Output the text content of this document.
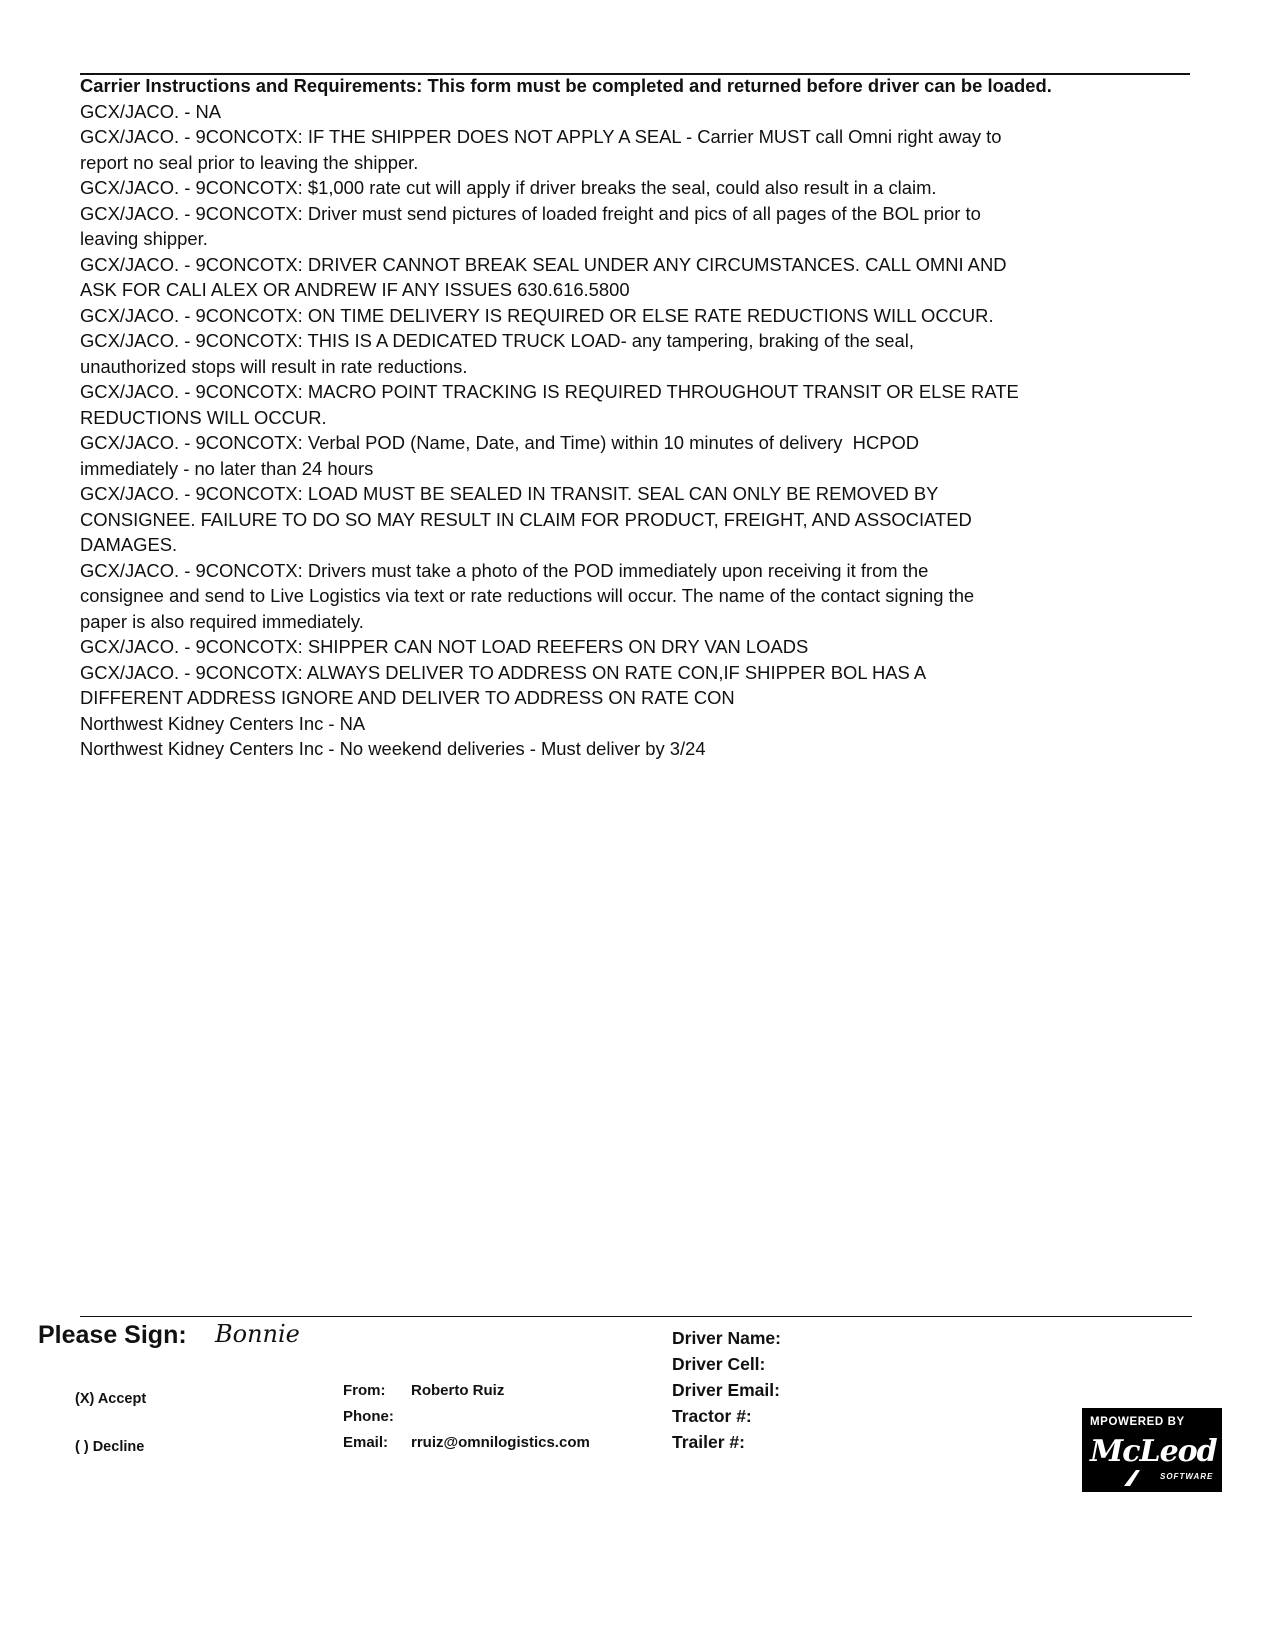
Carrier Instructions and Requirements: This form must be completed and returned before driver can be loaded.
GCX/JACO. - NA
GCX/JACO. - 9CONCOTX: IF THE SHIPPER DOES NOT APPLY A SEAL - Carrier MUST call Omni right away to
report no seal prior to leaving the shipper.
GCX/JACO. - 9CONCOTX: $1,000 rate cut will apply if driver breaks the seal, could also result in a claim.
GCX/JACO. - 9CONCOTX: Driver must send pictures of loaded freight and pics of all pages of the BOL prior to
leaving shipper.
GCX/JACO. - 9CONCOTX: DRIVER CANNOT BREAK SEAL UNDER ANY CIRCUMSTANCES. CALL OMNI AND
ASK FOR CALI ALEX OR ANDREW IF ANY ISSUES 630.616.5800
GCX/JACO. - 9CONCOTX: ON TIME DELIVERY IS REQUIRED OR ELSE RATE REDUCTIONS WILL OCCUR.
GCX/JACO. - 9CONCOTX: THIS IS A DEDICATED TRUCK LOAD- any tampering, braking of the seal,
unauthorized stops will result in rate reductions.
GCX/JACO. - 9CONCOTX: MACRO POINT TRACKING IS REQUIRED THROUGHOUT TRANSIT OR ELSE RATE
REDUCTIONS WILL OCCUR.
GCX/JACO. - 9CONCOTX: Verbal POD (Name, Date, and Time) within 10 minutes of delivery  HCPOD
immediately - no later than 24 hours
GCX/JACO. - 9CONCOTX: LOAD MUST BE SEALED IN TRANSIT. SEAL CAN ONLY BE REMOVED BY
CONSIGNEE. FAILURE TO DO SO MAY RESULT IN CLAIM FOR PRODUCT, FREIGHT, AND ASSOCIATED
DAMAGES.
GCX/JACO. - 9CONCOTX: Drivers must take a photo of the POD immediately upon receiving it from the
consignee and send to Live Logistics via text or rate reductions will occur. The name of the contact signing the
paper is also required immediately.
GCX/JACO. - 9CONCOTX: SHIPPER CAN NOT LOAD REEFERS ON DRY VAN LOADS
GCX/JACO. - 9CONCOTX: ALWAYS DELIVER TO ADDRESS ON RATE CON,IF SHIPPER BOL HAS A
DIFFERENT ADDRESS IGNORE AND DELIVER TO ADDRESS ON RATE CON
Northwest Kidney Centers Inc - NA
Northwest Kidney Centers Inc - No weekend deliveries - Must deliver by 3/24
Please Sign: Bonnie
(X) Accept
( ) Decline
From:	Roberto Ruiz
Phone:
Email:	rruiz@omnilogistics.com
Driver Name:
Driver Cell:
Driver Email:
Tractor #:
Trailer #:
MPOWERED BY
McLeod
SOFTWARE
